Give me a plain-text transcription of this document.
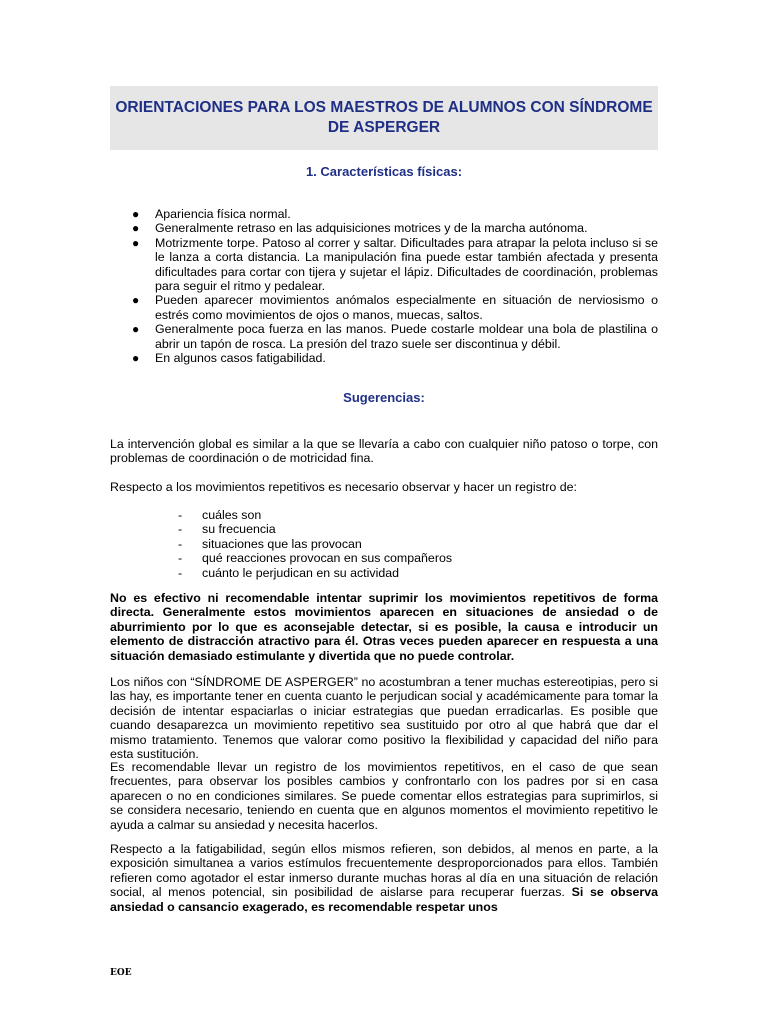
ORIENTACIONES PARA LOS MAESTROS DE ALUMNOS CON SÍNDROME DE ASPERGER
1. Características físicas:
● Apariencia física normal.
● Generalmente retraso en las adquisiciones motrices y de la marcha autónoma.
● Motrizmente torpe. Patoso al correr y saltar. Dificultades para atrapar la pelota incluso si se le lanza a corta distancia. La manipulación fina puede estar también afectada y presenta dificultades para cortar con tijera y sujetar el lápiz. Dificultades de coordinación, problemas para seguir el ritmo y pedalear.
● Pueden aparecer movimientos anómalos especialmente en situación de nerviosismo o estrés como movimientos de ojos o manos, muecas, saltos.
● Generalmente poca fuerza en las manos. Puede costarle moldear una bola de plastilina o abrir un tapón de rosca. La presión del trazo suele ser discontinua y débil.
● En algunos casos fatigabilidad.
Sugerencias:

La intervención global es similar a la que se llevaría a cabo con cualquier niño patoso o torpe, con problemas de coordinación o de motricidad fina.

Respecto a los movimientos repetitivos es necesario observar y hacer un registro de:

- cuáles son
- su frecuencia
- situaciones que las provocan
- qué reacciones provocan en sus compañeros
- cuánto le perjudican en su actividad

No es efectivo ni recomendable intentar suprimir los movimientos repetitivos de forma directa. Generalmente estos movimientos aparecen en situaciones de ansiedad o de aburrimiento por lo que es aconsejable detectar, si es posible, la causa e introducir un elemento de distracción atractivo para él. Otras veces pueden aparecer en respuesta a una situación demasiado estimulante y divertida que no puede controlar.

Los niños con “SÍNDROME DE ASPERGER” no acostumbran a tener muchas estereotipias, pero si las hay, es importante tener en cuenta cuanto le perjudican social y académicamente para tomar la decisión de intentar espaciarlas o iniciar estrategias que puedan erradicarlas. Es posible que cuando desaparezca un movimiento repetitivo sea sustituido por otro al que habrá que dar el mismo tratamiento. Tenemos que valorar como positivo la flexibilidad y capacidad del niño para esta sustitución.

Es recomendable llevar un registro de los movimientos repetitivos, en el caso de que sean frecuentes, para observar los posibles cambios y confrontarlo con los padres por si en casa aparecen o no en condiciones similares. Se puede comentar ellos estrategias para suprimirlos, si se considera necesario, teniendo en cuenta que en algunos momentos el movimiento repetitivo le ayuda a calmar su ansiedad y necesita hacerlos.

Respecto a la fatigabilidad, según ellos mismos refieren, son debidos, al menos en parte, a la exposición simultanea a varios estímulos frecuentemente desproporcionados para ellos. También refieren como agotador el estar inmerso durante muchas horas al día en una situación de relación social, al menos potencial, sin posibilidad de aislarse para recuperar fuerzas. Si se observa ansiedad o cansancio exagerado, es recomendable respetar unos

EOE
